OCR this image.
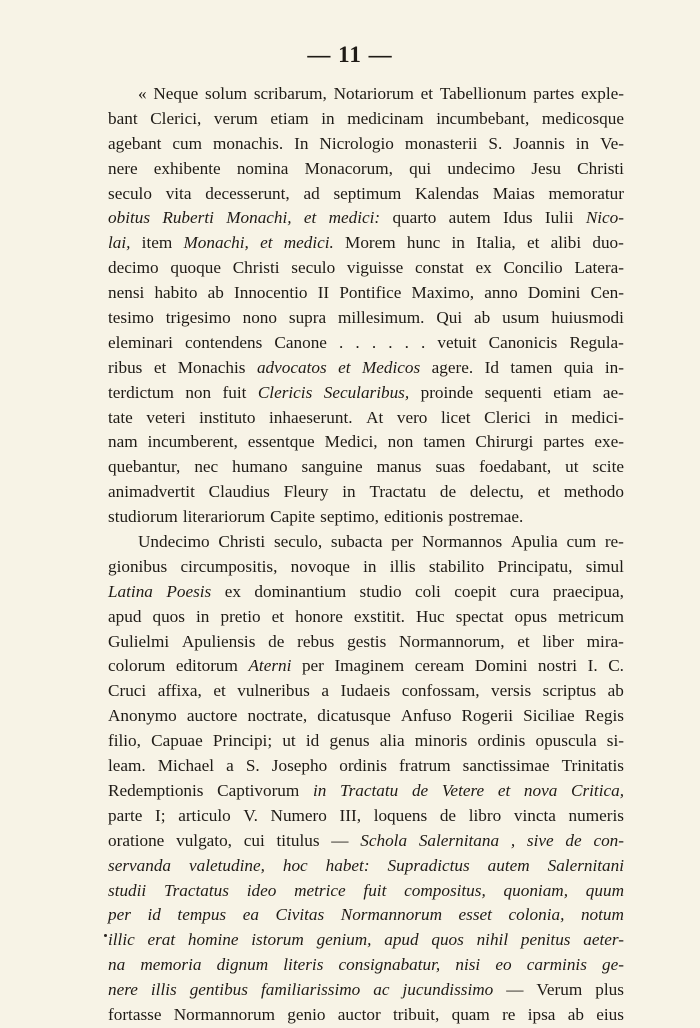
— 11 —
« Neque solum scribarum, Notariorum et Tabellionum partes exple-
bant Clerici, verum etiam in medicinam incumbebant, medicosque
agebant cum monachis. In Nicrologio monasterii S. Joannis in Ve-
nere exhibente nomina Monacorum, qui undecimo Jesu Christi
seculo vita decesserunt, ad septimum Kalendas Maias memoratur
obitus Ruberti Monachi, et medici: quarto autem Idus Iulii Nico-
lai, item Monachi, et medici. Morem hunc in Italia, et alibi duo-
decimo quoque Christi seculo viguisse constat ex Concilio Latera-
nensi habito ab Innocentio II Pontifice Maximo, anno Domini Cen-
tesimo trigesimo nono supra millesimum. Qui ab usum huiusmodi
eleminari contendens Canone . . . . . . vetuit Canonicis Regula-
ribus et Monachis advocatos et Medicos agere. Id tamen quia in-
terdictum non fuit Clericis Secularibus, proinde sequenti etiam ae-
tate veteri instituto inhaeserunt. At vero licet Clerici in medici-
nam incumberent, essentque Medici, non tamen Chirurgi partes exe-
quebantur, nec humano sanguine manus suas foedabant, ut scite
animadvertit Claudius Fleury in Tractatu de delectu, et methodo
studiorum literariorum Capite septimo, editionis postremae.
Undecimo Christi seculo, subacta per Normannos Apulia cum re-
gionibus circumpositis, novoque in illis stabilito Principatu, simul
Latina Poesis ex dominantium studio coli coepit cura praecipua,
apud quos in pretio et honore exstitit. Huc spectat opus metricum
Gulielmi Apuliensis de rebus gestis Normannorum, et liber mira-
colorum editorum Aterni per Imaginem ceream Domini nostri I. C.
Cruci affixa, et vulneribus a Iudaeis confossam, versis scriptus ab
Anonymo auctore noctrate, dicatusque Anfuso Rogerii Siciliae Regis
filio, Capuae Principi; ut id genus alia minoris ordinis opuscula si-
leam. Michael a S. Josepho ordinis fratrum sanctissimae Trinitatis
Redemptionis Captivorum in Tractatu de Vetere et nova Critica,
parte I; articulo V. Numero III, loquens de libro vincta numeris
oratione vulgato, cui titulus — Schola Salernitana , sive de con-
servanda valetudine, hoc habet: Supradictus autem Salernitani
studii Tractatus ideo metrice fuit compositus, quoniam, quum
per id tempus ea Civitas Normannorum esset colonia, notum
illic erat homine istorum genium, apud quos nihil penitus aeter-
na memoria dignum literis consignabatur, nisi eo carminis ge-
nere illis gentibus familiarissimo ac jucundissimo — Verum plus
fortasse Normannorum genio auctor tribuit, quam re ipsa ab eius
